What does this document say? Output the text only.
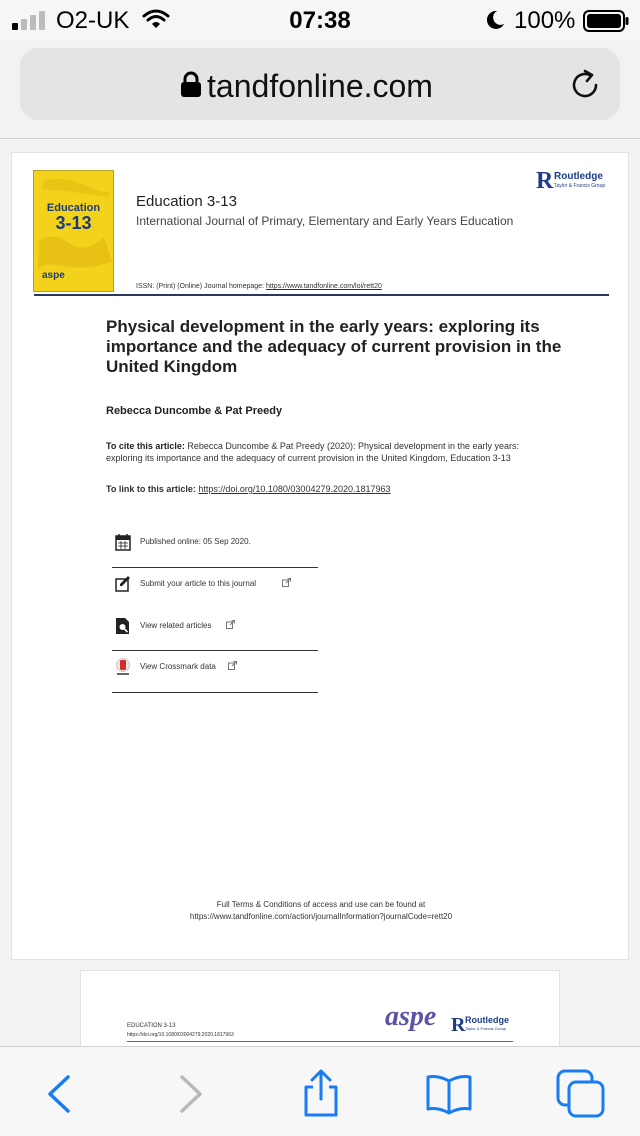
O2-UK	07:38	100%
tandfonline.com
Education
3-13
aspe
Education 3-13
International Journal of Primary, Elementary and Early Years Education
R Routledge
Taylor & Francis Group
ISSN: (Print) (Online) Journal homepage: https://www.tandfonline.com/loi/rett20
Physical development in the early years: exploring its importance and the adequacy of current provision in the United Kingdom
Rebecca Duncombe & Pat Preedy
To cite this article: Rebecca Duncombe & Pat Preedy (2020): Physical development in the early years: exploring its importance and the adequacy of current provision in the United Kingdom, Education 3-13
To link to this article: https://doi.org/10.1080/03004279.2020.1817963
Published online: 05 Sep 2020.
Submit your article to this journal
View related articles
View Crossmark data
Full Terms & Conditions of access and use can be found at
https://www.tandfonline.com/action/journalInformation?journalCode=rett20
EDUCATION 3-13
https://doi.org/10.1080/03004279.2020.1817963
aspe R Routledge
Taylor & Francis Group
